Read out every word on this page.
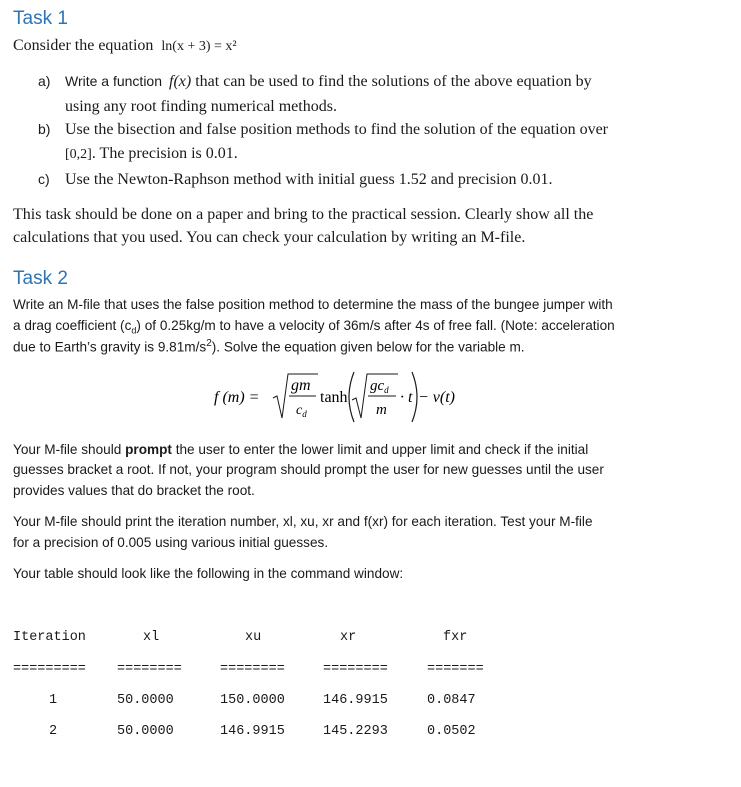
Task 1
Consider the equation ln(x + 3) = x²
a) Write a function f(x) that can be used to find the solutions of the above equation by
using any root finding numerical methods.
b) Use the bisection and false position methods to find the solution of the equation over
[0,2]. The precision is 0.01.
c) Use the Newton-Raphson method with initial guess 1.52 and precision 0.01.
This task should be done on a paper and bring to the practical session. Clearly show all the
calculations that you used. You can check your calculation by writing an M-file.
Task 2
Write an M-file that uses the false position method to determine the mass of the bungee jumper with
a drag coefficient $(c_d)$ of 0.25kg/m to have a velocity of 36m/s after 4s of free fall. (Note: acceleration
due to Earth’s gravity is $9.81m/s^2$). Solve the equation given below for the variable m.
f (m) =
gm
$c_d$
tanh
$gc_d$
m
· t − v(t)
Your M-file should prompt the user to enter the lower limit and upper limit and check if the initial
guesses bracket a root. If not, your program should prompt the user for new guesses until the user
provides values that do bracket the root.
Your M-file should print the iteration number, xl, xu, xr and f(xr) for each iteration. Test your M-file
for a precision of 0.005 using various initial guesses.
Your table should look like the following in the command window:
Iteration	xl	xu	xr	fxr
========= ========	========	========	=======
1	50.0000	150.0000	146.9915	0.0847
2	50.0000	146.9915	145.2293	0.0502
